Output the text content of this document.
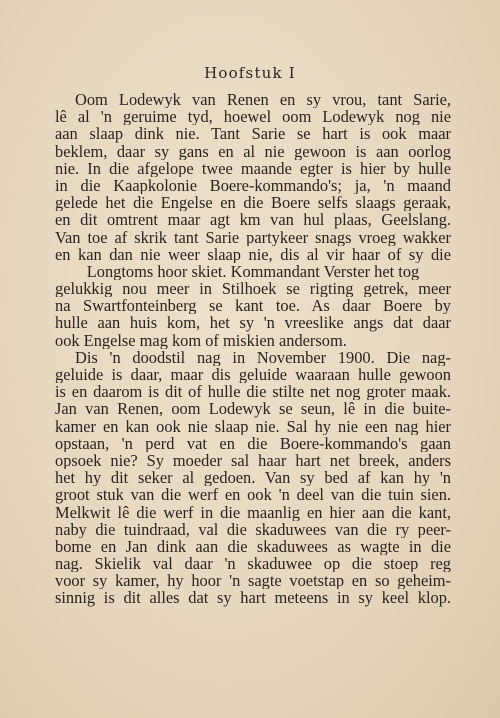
Hoofstuk I
Oom Lodewyk van Renen en sy vrou, tant Sarie,
lê al 'n geruime tyd, hoewel oom Lodewyk nog nie
aan slaap dink nie. Tant Sarie se hart is ook maar
beklem, daar sy gans en al nie gewoon is aan oorlog
nie. In die afgelope twee maande egter is hier by hulle
in die Kaapkolonie Boere-kommando's; ja, 'n maand
gelede het die Engelse en die Boere selfs slaags geraak,
en dit omtrent maar agt km van hul plaas, Geelslang.
Van toe af skrik tant Sarie partykeer snags vroeg wakker
en kan dan nie weer slaap nie, dis al vir haar of sy die
Longtoms hoor skiet. Kommandant Verster het tog
gelukkig nou meer in Stilhoek se rigting getrek, meer
na Swartfonteinberg se kant toe. As daar Boere by
hulle aan huis kom, het sy 'n vreeslike angs dat daar
ook Engelse mag kom of miskien andersom.
Dis 'n doodstil nag in November 1900. Die nag-
geluide is daar, maar dis geluide waaraan hulle gewoon
is en daarom is dit of hulle die stilte net nog groter maak.
Jan van Renen, oom Lodewyk se seun, lê in die buite-
kamer en kan ook nie slaap nie. Sal hy nie een nag hier
opstaan, 'n perd vat en die Boere-kommando's gaan
opsoek nie? Sy moeder sal haar hart net breek, anders
het hy dit seker al gedoen. Van sy bed af kan hy 'n
groot stuk van die werf en ook 'n deel van die tuin sien.
Melkwit lê die werf in die maanlig en hier aan die kant,
naby die tuindraad, val die skaduwees van die ry peer-
bome en Jan dink aan die skaduwees as wagte in die
nag. Skielik val daar 'n skaduwee op die stoep reg
voor sy kamer, hy hoor 'n sagte voetstap en so geheim-
sinnig is dit alles dat sy hart meteens in sy keel klop.
